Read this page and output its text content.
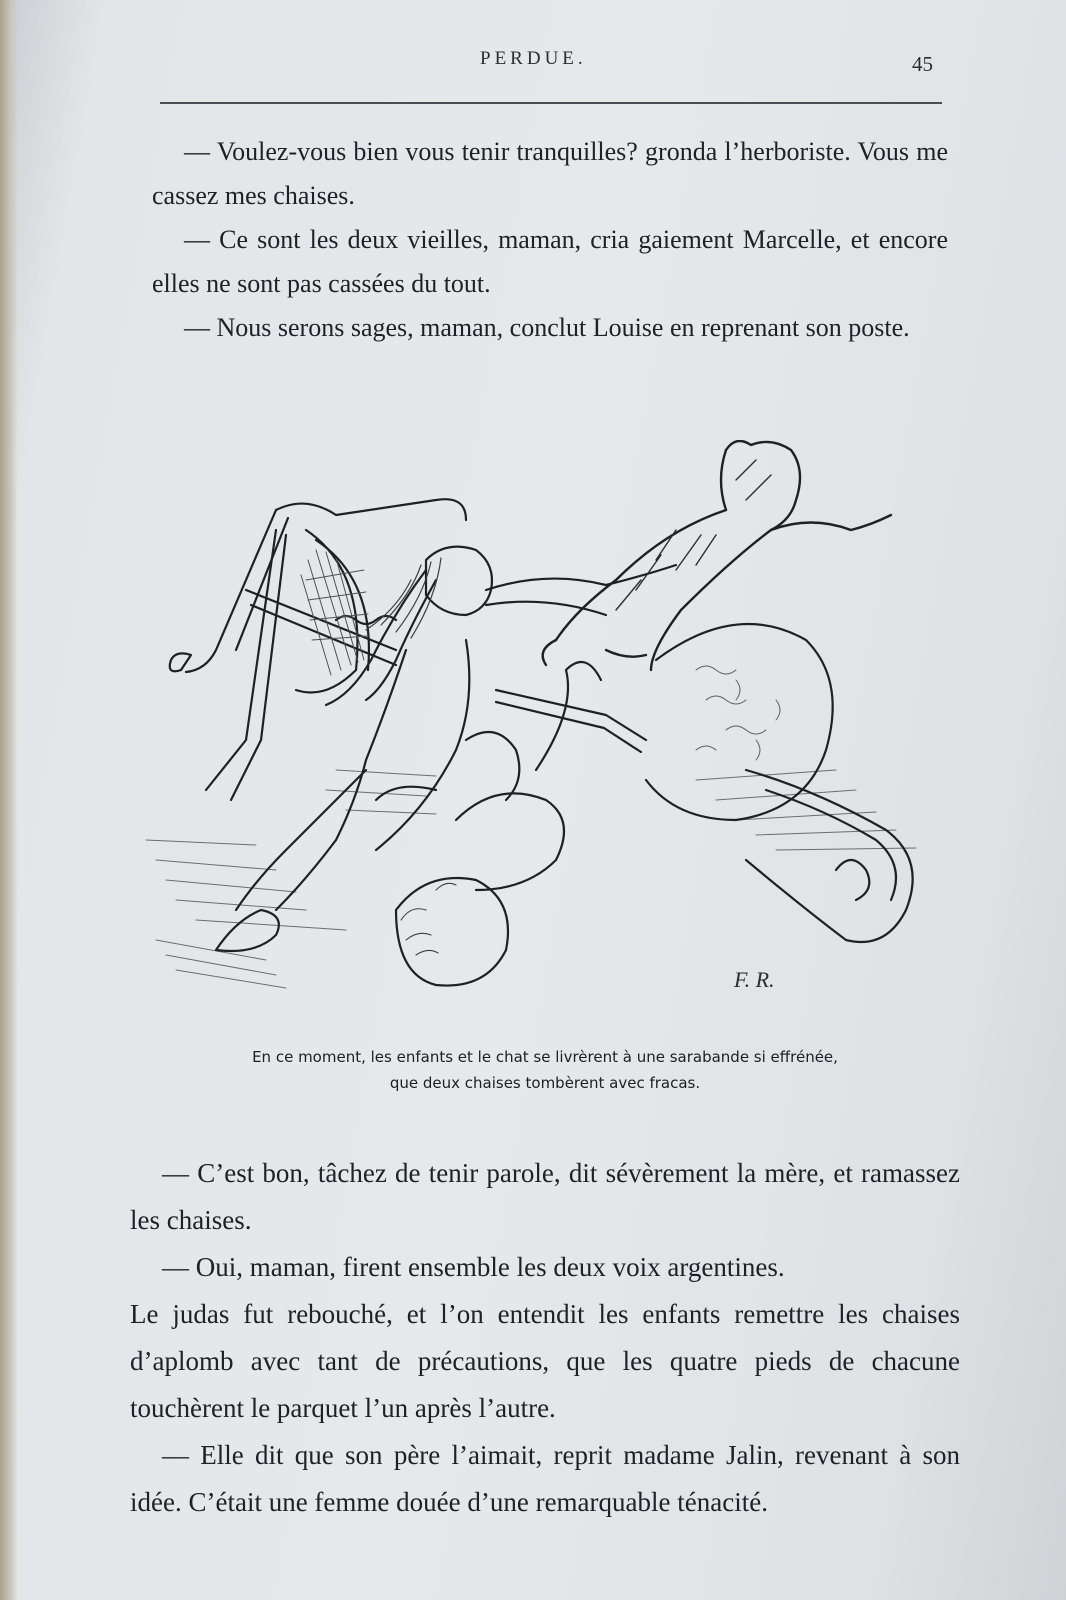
PERDUE.	45

— Voulez-vous bien vous tenir tranquilles? gronda l’herboriste. Vous me cassez mes chaises.

— Ce sont les deux vieilles, maman, cria gaiement Marcelle, et encore elles ne sont pas cassées du tout.

— Nous serons sages, maman, conclut Louise en reprenant son poste.

F. R.
En ce moment, les enfants et le chat se livrèrent à une sarabande si effrénée,
que deux chaises tombèrent avec fracas.

— C’est bon, tâchez de tenir parole, dit sévèrement la mère, et ramassez les chaises.

— Oui, maman, firent ensemble les deux voix argentines.

Le judas fut rebouché, et l’on entendit les enfants remettre les chaises d’aplomb avec tant de précautions, que les quatre pieds de chacune touchèrent le parquet l’un après l’autre.

— Elle dit que son père l’aimait, reprit madame Jalin, revenant à son idée. C’était une femme douée d’une remarquable ténacité.
